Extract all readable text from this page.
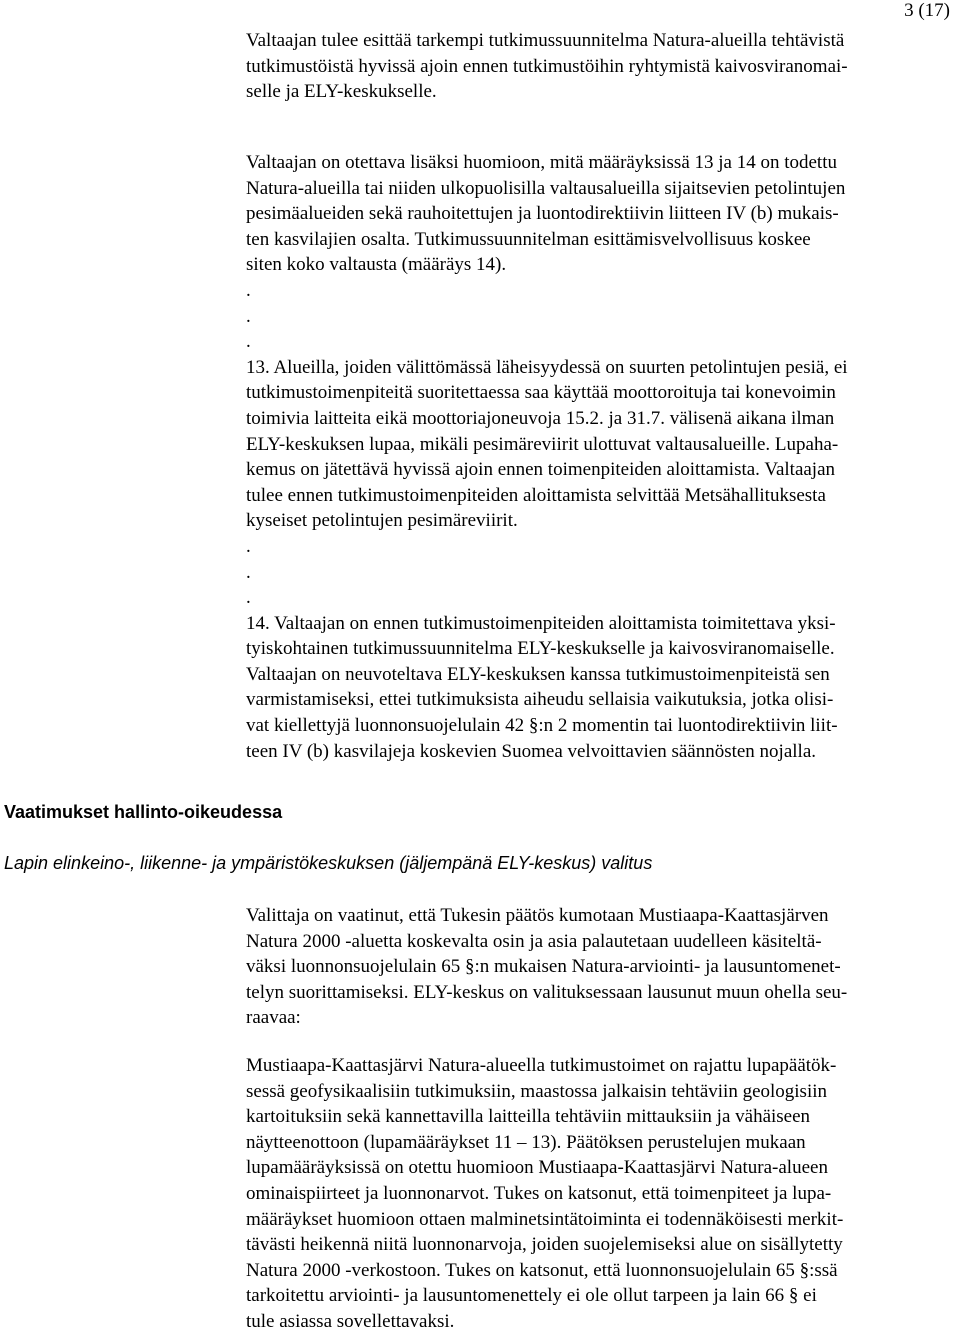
3 (17)
Valtaajan tulee esittää tarkempi tutkimussuunnitelma Natura-alueilla tehtävistä
tutkimustöistä hyvissä ajoin ennen tutkimustöihin ryhtymistä kaivosviranomai-
selle ja ELY-keskukselle.
Valtaajan on otettava lisäksi huomioon, mitä määräyksissä 13 ja 14 on todettu
Natura-alueilla tai niiden ulkopuolisilla valtausalueilla sijaitsevien petolintujen
pesimäalueiden sekä rauhoitettujen ja luontodirektiivin liitteen IV (b) mukais-
ten kasvilajien osalta. Tutkimussuunnitelman esittämisvelvollisuus koskee
siten koko valtausta (määräys 14).
.
.
.
13. Alueilla, joiden välittömässä läheisyydessä on suurten petolintujen pesiä, ei
tutkimustoimenpiteitä suoritettaessa saa käyttää moottoroituja tai konevoimin
toimivia laitteita eikä moottoriajoneuvoja 15.2. ja 31.7. välisenä aikana ilman
ELY-keskuksen lupaa, mikäli pesimäreviirit ulottuvat valtausalueille. Lupaha-
kemus on jätettävä hyvissä ajoin ennen toimenpiteiden aloittamista. Valtaajan
tulee ennen tutkimustoimenpiteiden aloittamista selvittää Metsähallituksesta
kyseiset petolintujen pesimäreviirit.
.
.
.
14. Valtaajan on ennen tutkimustoimenpiteiden aloittamista toimitettava yksi-
tyiskohtainen tutkimussuunnitelma ELY-keskukselle ja kaivosviranomaiselle.
Valtaajan on neuvoteltava ELY-keskuksen kanssa tutkimustoimenpiteistä sen
varmistamiseksi, ettei tutkimuksista aiheudu sellaisia vaikutuksia, jotka olisi-
vat kiellettyjä luonnonsuojelulain 42 §:n 2 momentin tai luontodirektiivin liit-
teen IV (b) kasvilajeja koskevien Suomea velvoittavien säännösten nojalla.
Vaatimukset hallinto-oikeudessa
Lapin elinkeino-, liikenne- ja ympäristökeskuksen (jäljempänä ELY-keskus) valitus
Valittaja on vaatinut, että Tukesin päätös kumotaan Mustiaapa-Kaattasjärven
Natura 2000 -aluetta koskevalta osin ja asia palautetaan uudelleen käsiteltä-
väksi luonnonsuojelulain 65 §:n mukaisen Natura-arviointi- ja lausuntomenet-
telyn suorittamiseksi. ELY-keskus on valituksessaan lausunut muun ohella seu-
raavaa:
Mustiaapa-Kaattasjärvi Natura-alueella tutkimustoimet on rajattu lupapäätök-
sessä geofysikaalisiin tutkimuksiin, maastossa jalkaisin tehtäviin geologisiin
kartoituksiin sekä kannettavilla laitteilla tehtäviin mittauksiin ja vähäiseen
näytteenottoon (lupamääräykset 11 – 13). Päätöksen perustelujen mukaan
lupamääräyksissä on otettu huomioon Mustiaapa-Kaattasjärvi Natura-alueen
ominaispiirteet ja luonnonarvot. Tukes on katsonut, että toimenpiteet ja lupa-
määräykset huomioon ottaen malminetsintätoiminta ei todennäköisesti merkit-
tävästi heikennä niitä luonnonarvoja, joiden suojelemiseksi alue on sisällytetty
Natura 2000 -verkostoon. Tukes on katsonut, että luonnonsuojelulain 65 §:ssä
tarkoitettu arviointi- ja lausuntomenettely ei ole ollut tarpeen ja lain 66 § ei
tule asiassa sovellettavaksi.
